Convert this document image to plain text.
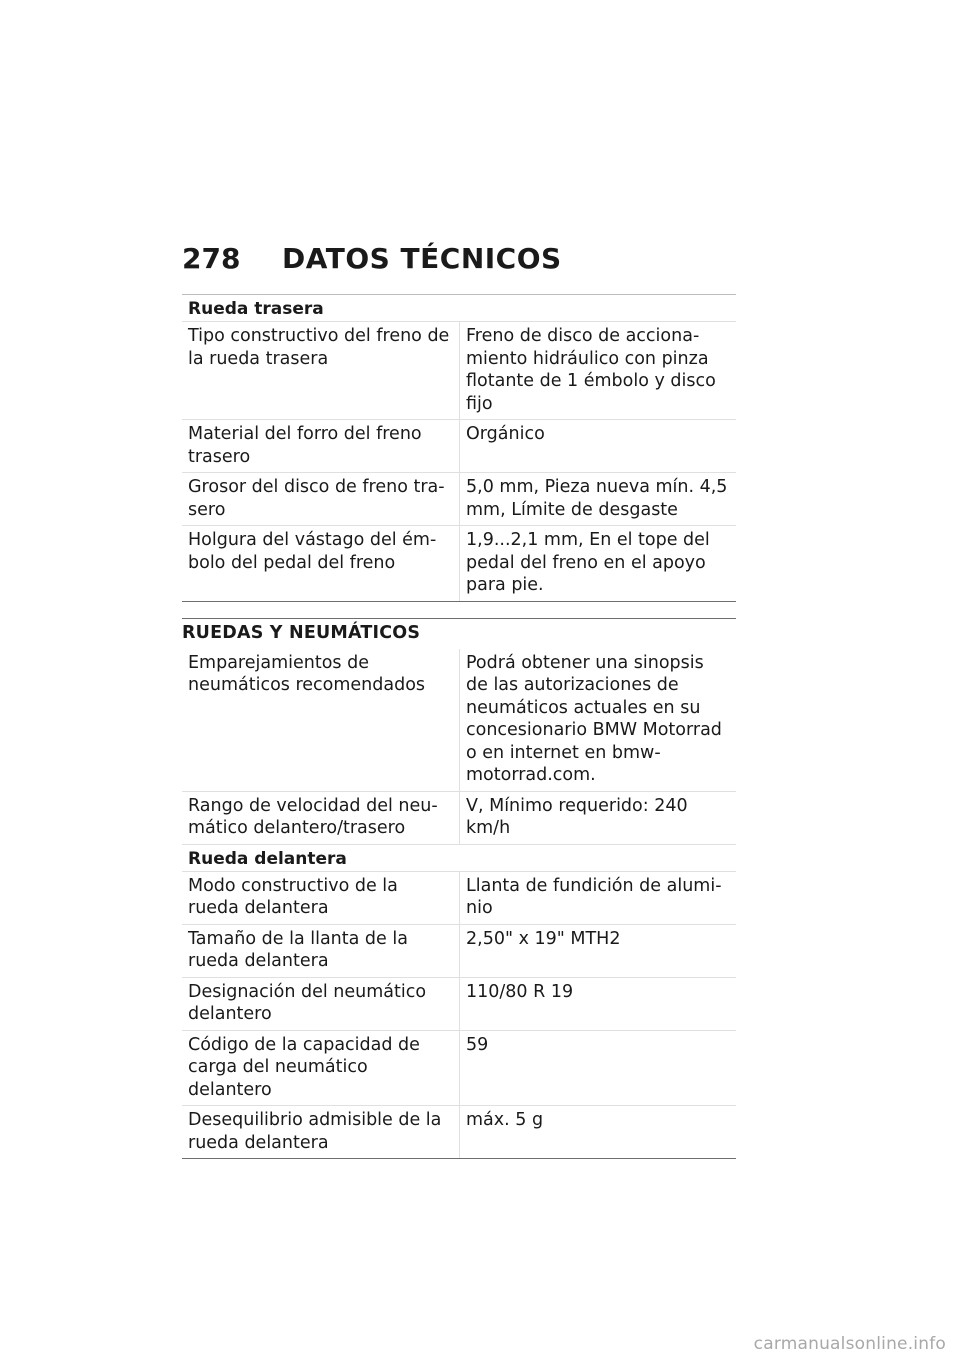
278	DATOS TÉCNICOS
Rueda trasera
Tipo constructivo del freno de la rueda trasera
Freno de disco de accionamiento hidráulico con pinza flotante de 1 émbolo y disco fijo
Material del forro del freno trasero
Orgánico
Grosor del disco de freno trasero
5,0 mm, Pieza nueva mín. 4,5 mm, Límite de desgaste
Holgura del vástago del émbolo del pedal del freno
1,9...2,1 mm, En el tope del pedal del freno en el apoyo para pie.
RUEDAS Y NEUMÁTICOS
Emparejamientos de neumáticos recomendados
Podrá obtener una sinopsis de las autorizaciones de neumáticos actuales en su concesionario BMW Motorrad o en internet en bmw-motorrad.com.
Rango de velocidad del neumático delantero/trasero
V, Mínimo requerido: 240 km/h
Rueda delantera
Modo constructivo de la rueda delantera
Llanta de fundición de aluminio
Tamaño de la llanta de la rueda delantera
2,50" x 19" MTH2
Designación del neumático delantero
110/80 R 19
Código de la capacidad de carga del neumático delantero
59
Desequilibrio admisible de la rueda delantera
máx. 5 g
carmanualsonline.info
